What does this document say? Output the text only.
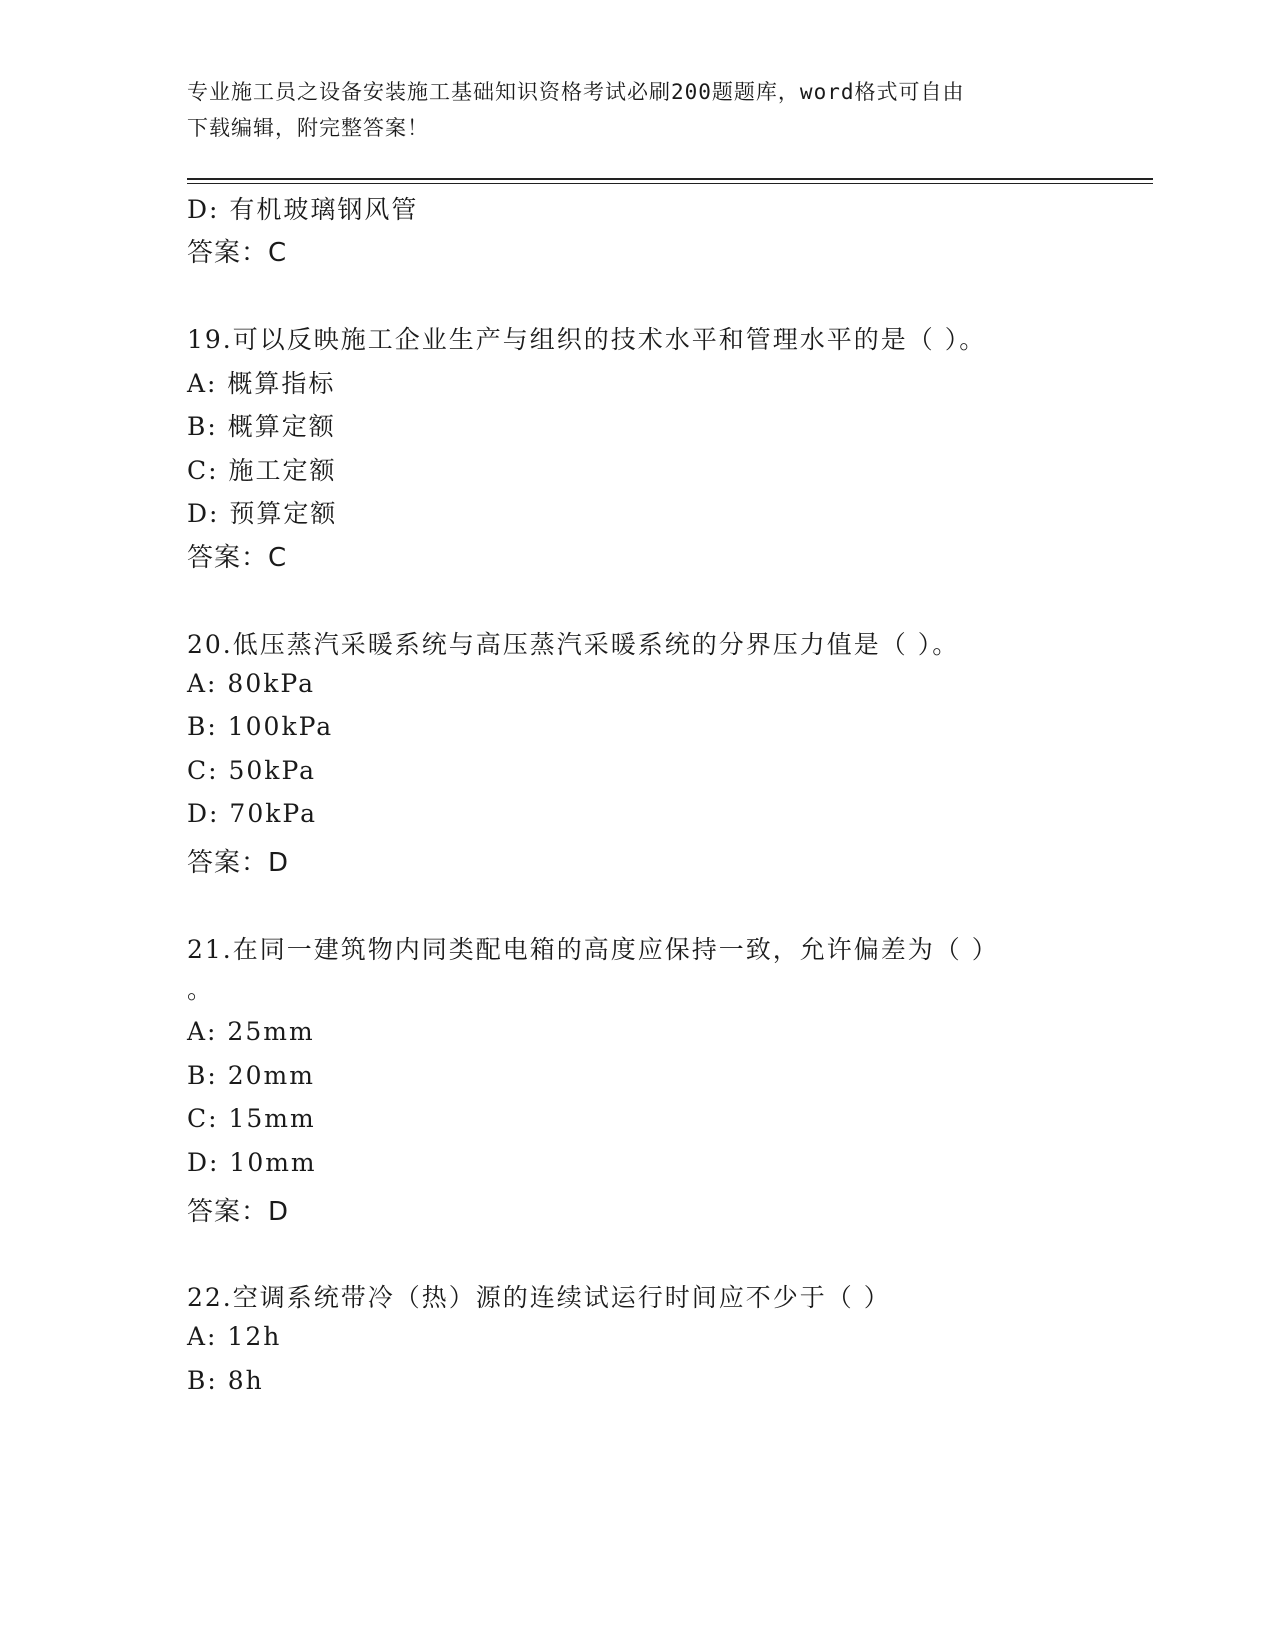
专业施工员之设备安装施工基础知识资格考试必刷200题题库，word格式可自由
下载编辑，附完整答案！
D: 有机玻璃钢风管
答案：C
19.可以反映施工企业生产与组织的技术水平和管理水平的是（ ）。
A: 概算指标
B: 概算定额
C: 施工定额
D: 预算定额
答案：C
20.低压蒸汽采暖系统与高压蒸汽采暖系统的分界压力值是（ ）。
A: 80kPa
B: 100kPa
C: 50kPa
D: 70kPa
答案：D
21.在同一建筑物内同类配电箱的高度应保持一致，允许偏差为（ ）
。
A: 25mm
B: 20mm
C: 15mm
D: 10mm
答案：D
22.空调系统带冷（热）源的连续试运行时间应不少于（ ）
A: 12h
B: 8h
